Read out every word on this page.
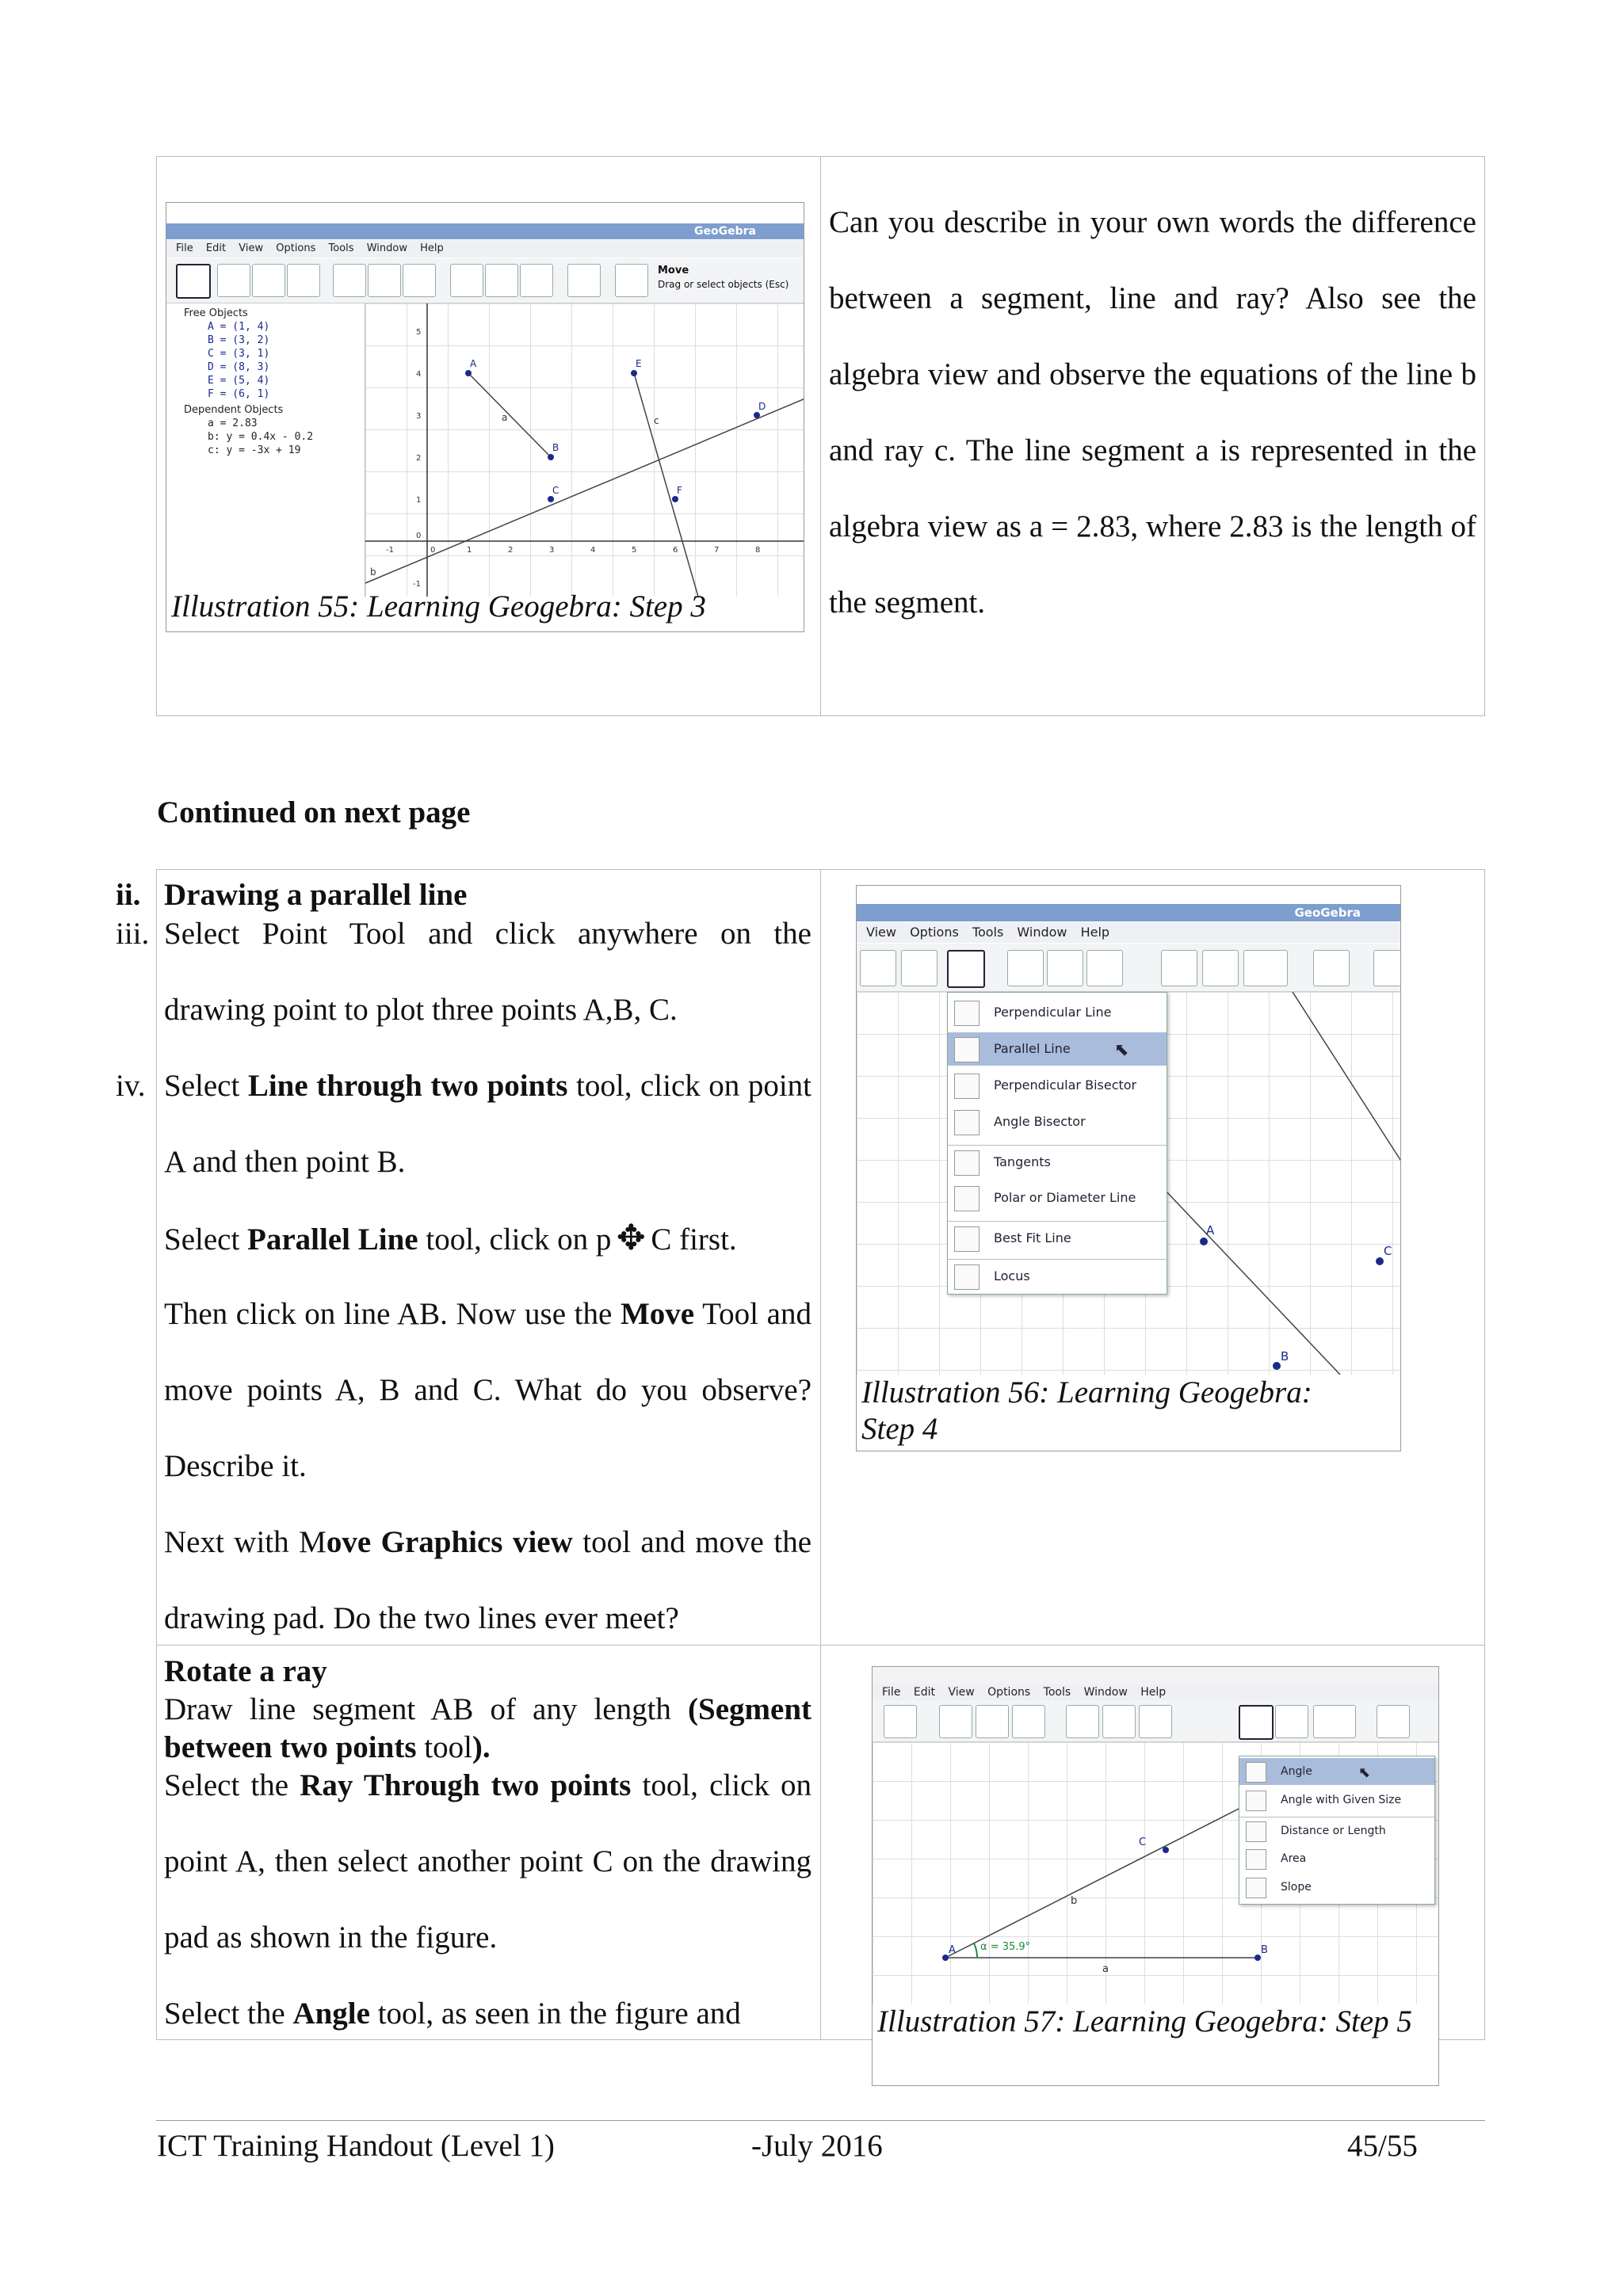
GeoGebra
File Edit View Options Tools Window Help
Move
Drag or select objects (Esc)
Free Objects
A = (1, 4)
B = (3, 2)
C = (3, 1)
D = (8, 3)
E = (5, 4)
F = (6, 1)
Dependent Objects
a = 2.83
b: y = 0.4x - 0.2
c: y = -3x + 19
A
B
C
D
E
F
a
b
c
-1	0	1	2	3	4	5	6	7	8
5
4
3
2
1
0
-1
Illustration 55: Learning Geogebra: Step 3
Can you describe in your own words the difference between a segment, line and ray? Also see the algebra view and observe the equations of the line b and ray c. The line segment a is represented in the algebra view as a = 2.83, where 2.83 is the length of the segment.
Continued on next page
ii. Drawing a parallel line
iii. Select Point Tool and click anywhere on the drawing point to plot three points A,B, C.
iv. Select Line through two points tool, click on point A and then point B.
Select Parallel Line tool, click on p ✥ C first.
Then click on line AB. Now use the Move Tool and move points A, B and C. What do you observe? Describe it.
Next with Move Graphics view tool and move the drawing pad. Do the two lines ever meet?
GeoGebra
View Options Tools Window Help
A
B
C
Perpendicular Line
Parallel Line	⬉
Perpendicular Bisector
Angle Bisector
Tangents
Polar or Diameter Line
Best Fit Line
Locus
Illustration 56: Learning Geogebra: Step 4
Rotate a ray
Draw line segment AB of any length (Segment between two points tool).
Select the Ray Through two points tool, click on point A, then select another point C on the drawing pad as shown in the figure.
Select the Angle tool, as seen in the figure and
File Edit View Options Tools Window Help
A	B
C
a
b
α = 35.9°
Angle	⬉
Angle with Given Size
Distance or Length
Area
Slope
Illustration 57: Learning Geogebra: Step 5
ICT Training Handout (Level 1)	-July 2016	45/55
